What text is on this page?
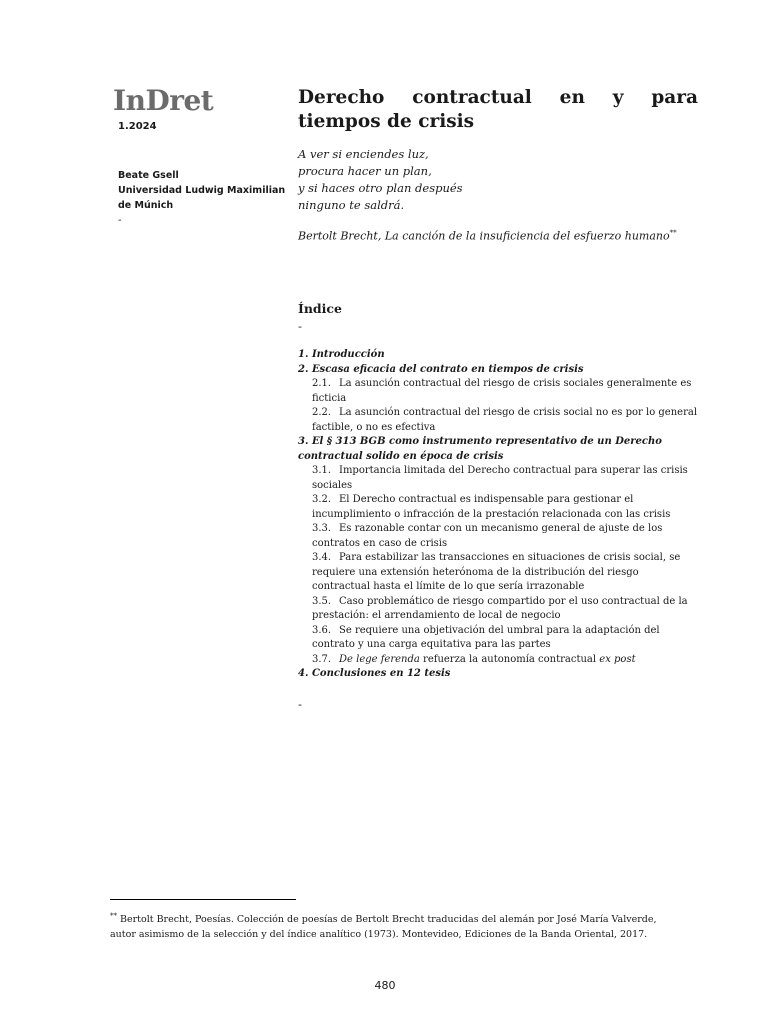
InDret
1.2024
Beate Gsell
Universidad Ludwig Maximilian
de Múnich
-
Derecho contractual en y para tiempos de crisis
A ver si enciendes luz,
procura hacer un plan,
y si haces otro plan después
ninguno te saldrá.
Bertolt Brecht, La canción de la insuficiencia del esfuerzo humano**
Índice
-
1. Introducción
2. Escasa eficacia del contrato en tiempos de crisis
2.1. La asunción contractual del riesgo de crisis sociales generalmente es ficticia
2.2. La asunción contractual del riesgo de crisis social no es por lo general factible, o no es efectiva
3. El § 313 BGB como instrumento representativo de un Derecho contractual solido en época de crisis
3.1. Importancia limitada del Derecho contractual para superar las crisis sociales
3.2. El Derecho contractual es indispensable para gestionar el incumplimiento o infracción de la prestación relacionada con las crisis
3.3. Es razonable contar con un mecanismo general de ajuste de los contratos en caso de crisis
3.4. Para estabilizar las transacciones en situaciones de crisis social, se requiere una extensión heterónoma de la distribución del riesgo contractual hasta el límite de lo que sería irrazonable
3.5. Caso problemático de riesgo compartido por el uso contractual de la prestación: el arrendamiento de local de negocio
3.6. Se requiere una objetivación del umbral para la adaptación del contrato y una carga equitativa para las partes
3.7. De lege ferenda refuerza la autonomía contractual ex post
4. Conclusiones en 12 tesis
-
** Bertolt Brecht, Poesías. Colección de poesías de Bertolt Brecht traducidas del alemán por José María Valverde, autor asimismo de la selección y del índice analítico (1973). Montevideo, Ediciones de la Banda Oriental, 2017.
480
